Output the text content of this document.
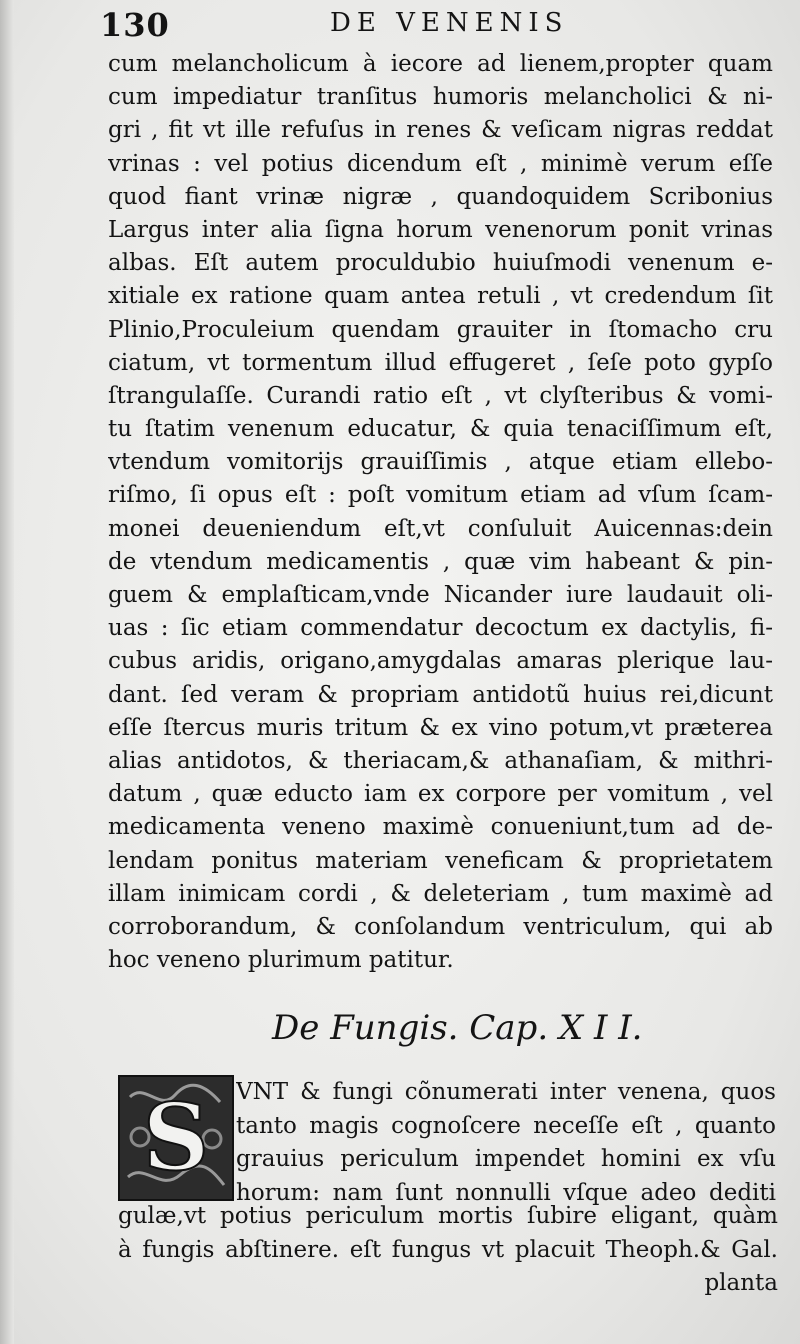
130	DE VENENIS
cum melancholicum à iecore ad lienem,propter quam
cum impediatur tranſitus humoris melancholici & ni-
gri , fit vt ille refuſus in renes & veſicam nigras reddat
vrinas : vel potius dicendum eſt , minimè verum eſſe
quod fiant vrinæ nigræ , quandoquidem Scribonius
Largus inter alia ſigna horum venenorum ponit vrinas
albas. Eſt autem proculdubio huiuſmodi venenum e-
xitiale ex ratione quam antea retuli , vt credendum ſit
Plinio,Proculeium quendam grauiter in ſtomacho cru
ciatum, vt tormentum illud effugeret , ſeſe poto gypſo
ſtrangulaſſe. Curandi ratio eſt , vt clyſteribus & vomi-
tu ſtatim venenum educatur, & quia tenaciſſimum eſt,
vtendum vomitorijs grauiſſimis , atque etiam ellebo-
riſmo, ſi opus eſt : poſt vomitum etiam ad vſum ſcam-
monei deueniendum eſt,vt conſuluit Auicennas:dein
de vtendum medicamentis , quæ vim habeant & pin-
guem & emplaſticam,vnde Nicander iure laudauit oli-
uas : ſic etiam commendatur decoctum ex dactylis, fi-
cubus aridis, origano,amygdalas amaras plerique lau-
dant. ſed veram & propriam antidotũ huius rei,dicunt
eſſe ſtercus muris tritum & ex vino potum,vt præterea
alias antidotos, & theriacam,& athanaſiam, & mithri-
datum , quæ educto iam ex corpore per vomitum , vel
medicamenta veneno maximè conueniunt,tum ad de-
lendam ponitus materiam veneficam & proprietatem
illam inimicam cordi , & deleteriam , tum maximè ad
corroborandum, & conſolandum ventriculum, qui ab
hoc veneno plurimum patitur.
De Fungis. Cap. X I I.
S VNT & fungi cõnumerati inter venena, quos
tanto magis cognoſcere neceſſe eſt , quanto
grauius periculum impendet homini ex vſu
horum: nam ſunt nonnulli vſque adeo dediti
gulæ,vt potius periculum mortis ſubire eligant, quàm
à fungis abſtinere. eſt fungus vt placuit Theoph.& Gal.
planta
